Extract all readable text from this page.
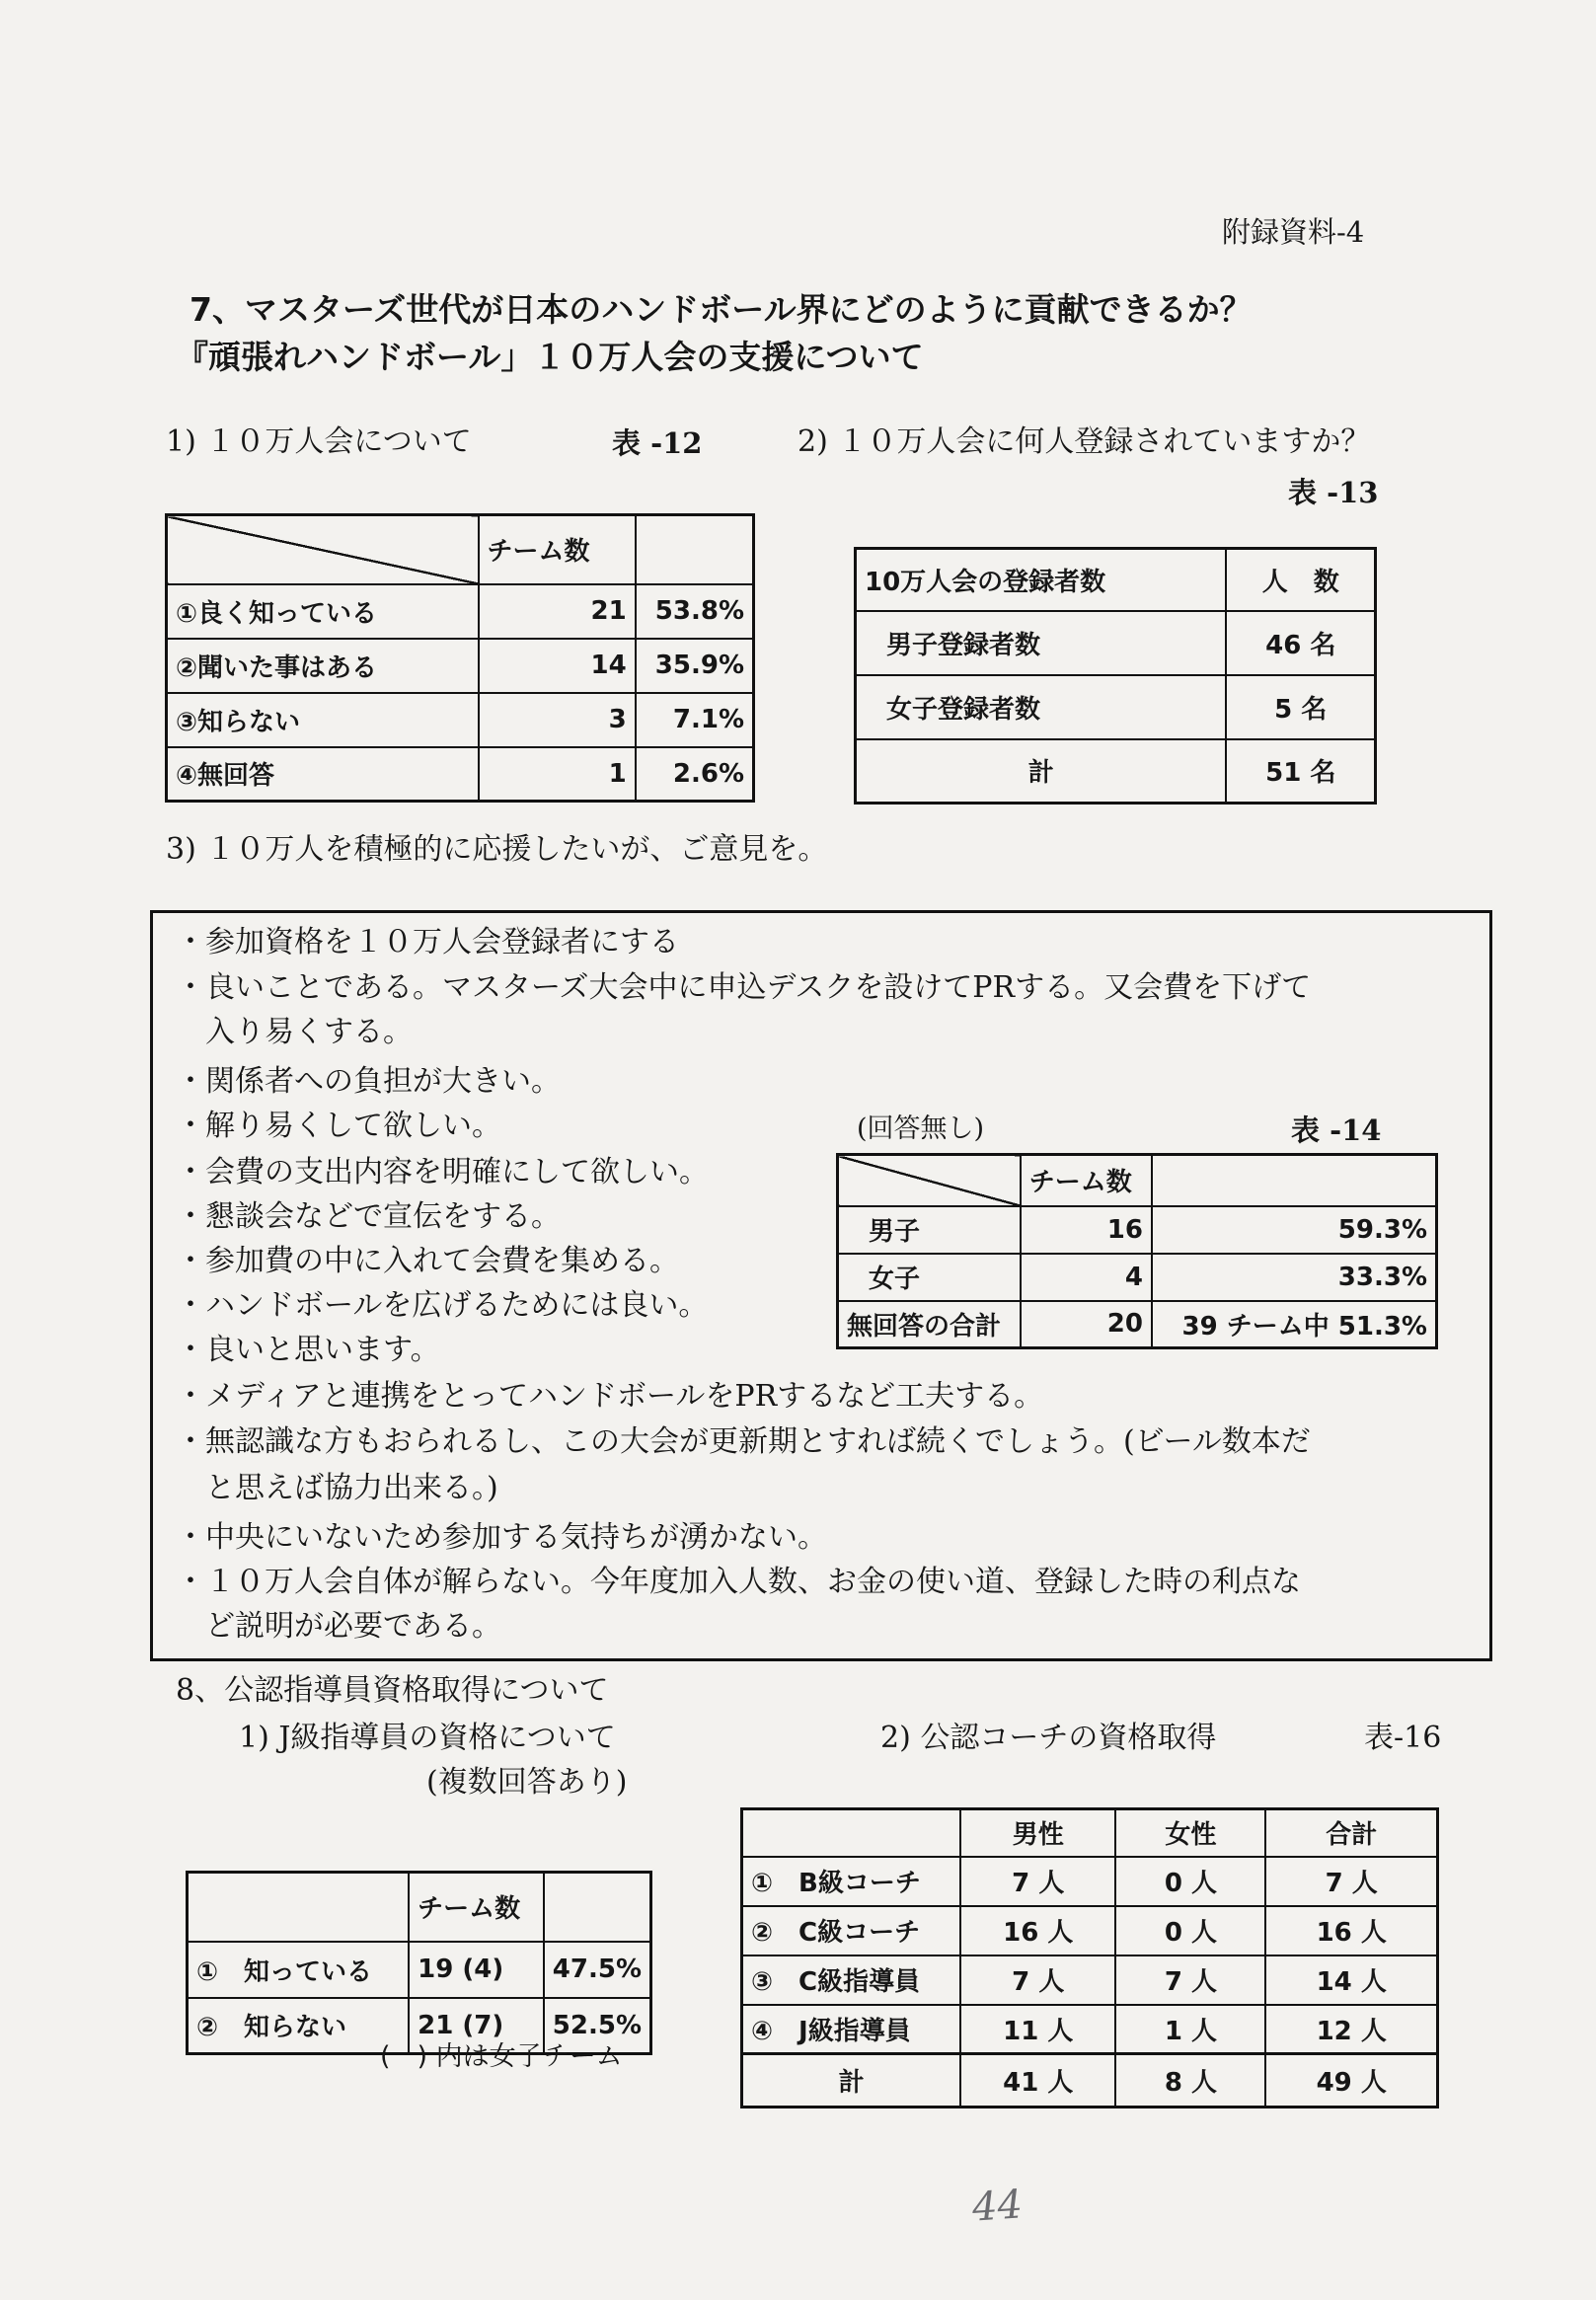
附録資料-4
7、マスターズ世代が日本のハンドボール界にどのように貢献できるか？
『頑張れハンドボール」１０万人会の支援について
1) １０万人会について	表 -12
	チーム数	
①良く知っている	21	53.8%
②聞いた事はある	14	35.9%
③知らない	3	7.1%
④無回答	1	2.6%
2) １０万人会に何人登録されていますか？
表 -13
10万人会の登録者数	人　数
男子登録者数	46 名
女子登録者数	5 名
計	51 名
3) １０万人を積極的に応援したいが、ご意見を。
・参加資格を１０万人会登録者にする
・良いことである。マスターズ大会中に申込デスクを設けてPRする。又会費を下げて
　入り易くする。
・関係者への負担が大きい。
・解り易くして欲しい。
・会費の支出内容を明確にして欲しい。
・懇談会などで宣伝をする。
・参加費の中に入れて会費を集める。
・ハンドボールを広げるためには良い。
・良いと思います。
・メディアと連携をとってハンドボールをPRするなど工夫する。
・無認識な方もおられるし、この大会が更新期とすれば続くでしょう。(ビール数本だ
　と思えば協力出来る。)
・中央にいないため参加する気持ちが湧かない。
・１０万人会自体が解らない。今年度加入人数、お金の使い道、登録した時の利点な
　ど説明が必要である。
(回答無し)	表 -14
	チーム数	
男子	16	59.3%
女子	4	33.3%
無回答の合計	20	39 チーム中 51.3%
8、公認指導員資格取得について
1) J級指導員の資格について
(複数回答あり)
	チーム数	
①　知っている	19 (4)	47.5%
②　知らない	21 (7)	52.5%
(　) 内は女子チーム
2) 公認コーチの資格取得	表-16
	男性	女性	合計
①　B級コーチ	7 人	0 人	7 人
②　C級コーチ	16 人	0 人	16 人
③　C級指導員	7 人	7 人	14 人
④　J級指導員	11 人	1 人	12 人
計	41 人	8 人	49 人
44
